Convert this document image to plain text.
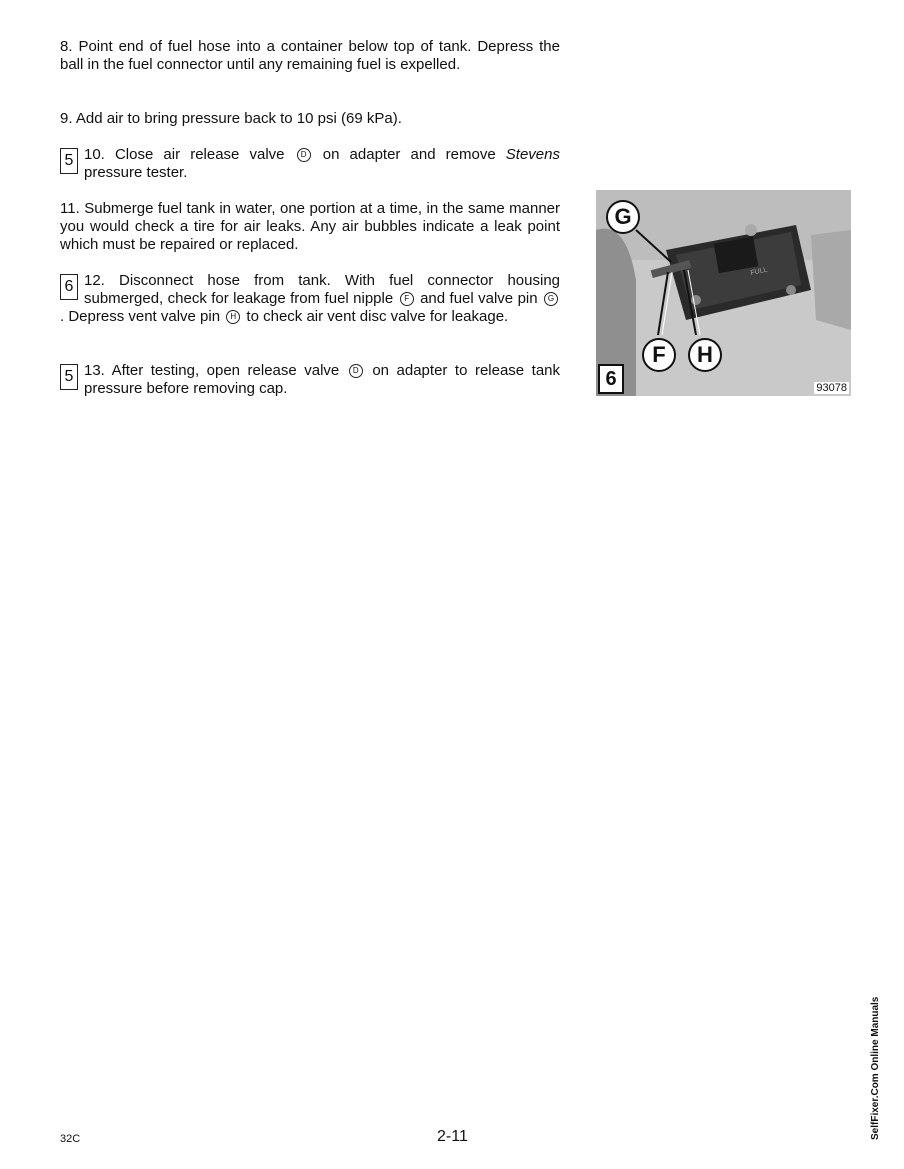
8. Point end of fuel hose into a container below top of tank. Depress the ball in the fuel connector until any remaining fuel is expelled.

9. Add air to bring pressure back to 10 psi (69 kPa).

5 10. Close air release valve D on adapter and remove Stevens pressure tester.

11. Submerge fuel tank in water, one portion at a time, in the same manner you would check a tire for air leaks. Any air bubbles indicate a leak point which must be repaired or replaced.

6 12. Disconnect hose from tank. With fuel connector housing submerged, check for leakage from fuel nipple F and fuel valve pin G. Depress vent valve pin H to check air vent disc valve for leakage.

5 13. After testing, open release valve D on adapter to release tank pressure before removing cap.

FULL
G
F	H
6	93078
32C	2-11	SelfFixer.Com Online Manuals
